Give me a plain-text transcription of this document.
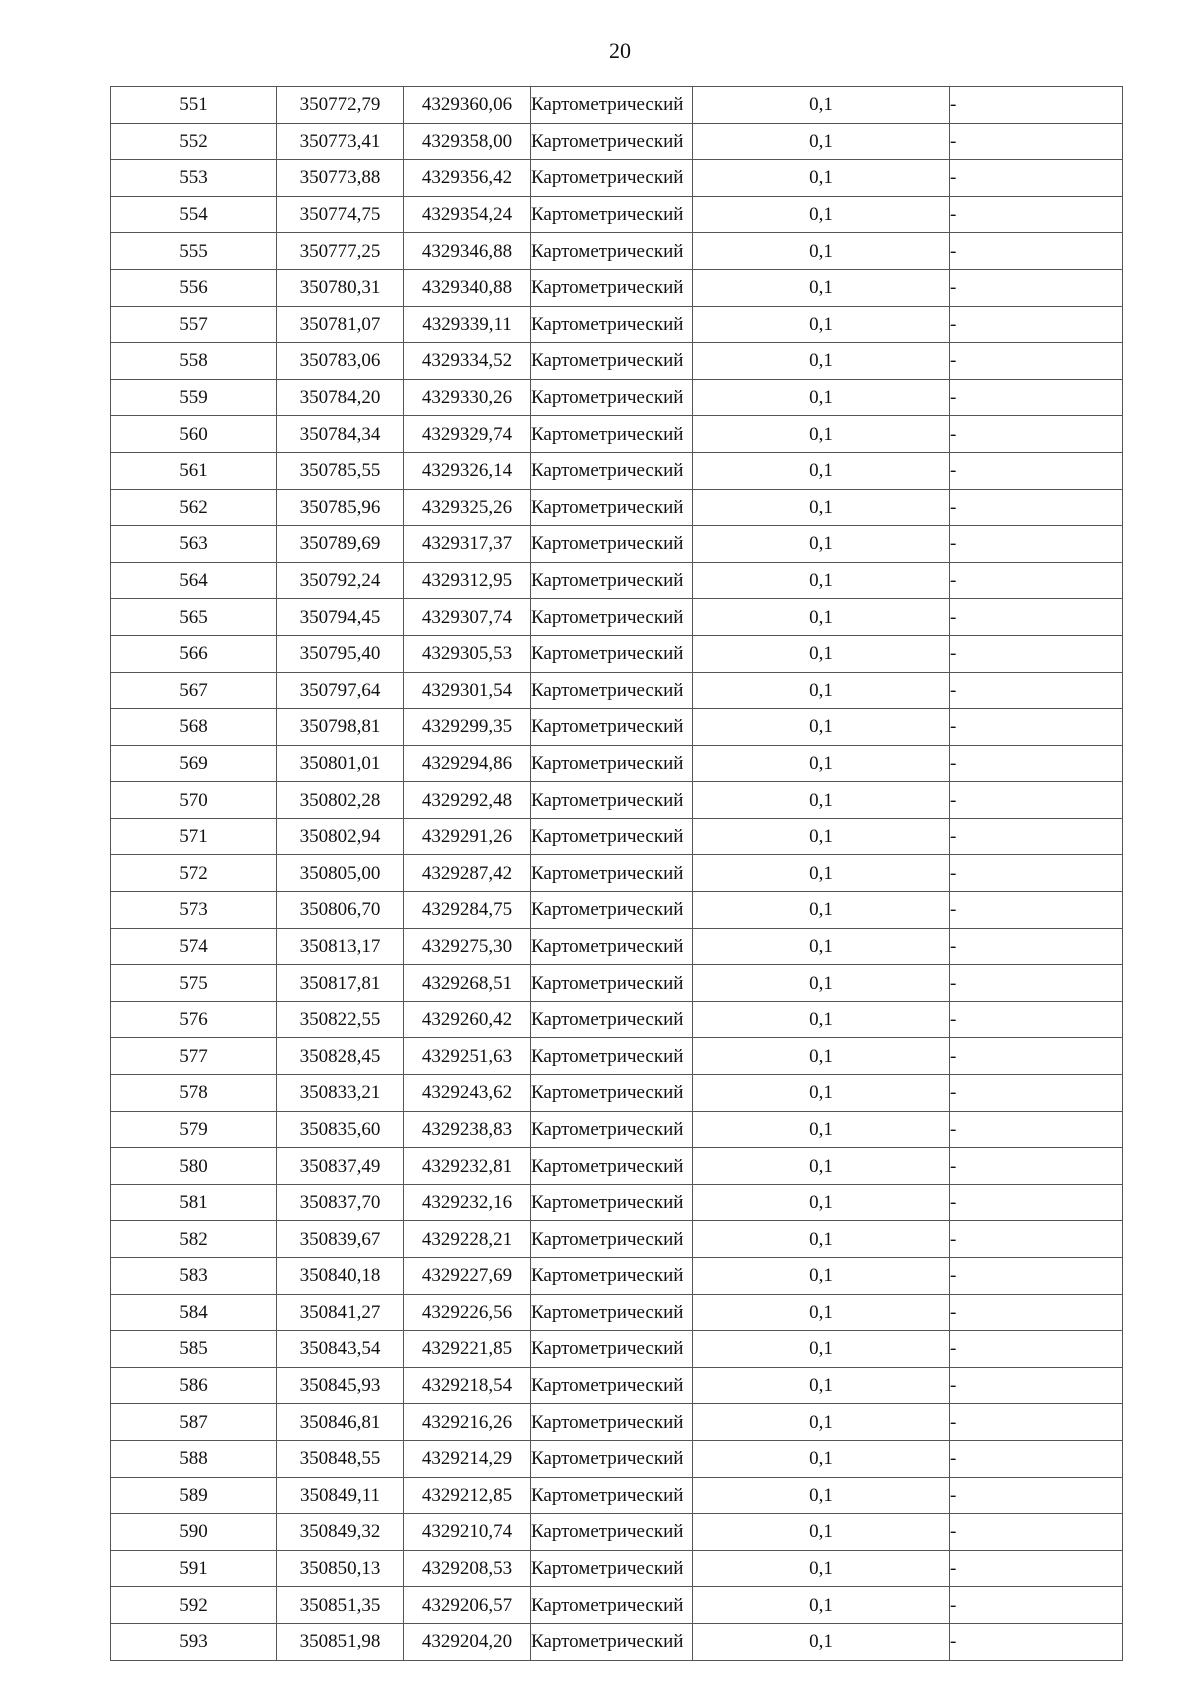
20
551	350772,79	4329360,06	Картометрический	0,1	-
552	350773,41	4329358,00	Картометрический	0,1	-
553	350773,88	4329356,42	Картометрический	0,1	-
554	350774,75	4329354,24	Картометрический	0,1	-
555	350777,25	4329346,88	Картометрический	0,1	-
556	350780,31	4329340,88	Картометрический	0,1	-
557	350781,07	4329339,11	Картометрический	0,1	-
558	350783,06	4329334,52	Картометрический	0,1	-
559	350784,20	4329330,26	Картометрический	0,1	-
560	350784,34	4329329,74	Картометрический	0,1	-
561	350785,55	4329326,14	Картометрический	0,1	-
562	350785,96	4329325,26	Картометрический	0,1	-
563	350789,69	4329317,37	Картометрический	0,1	-
564	350792,24	4329312,95	Картометрический	0,1	-
565	350794,45	4329307,74	Картометрический	0,1	-
566	350795,40	4329305,53	Картометрический	0,1	-
567	350797,64	4329301,54	Картометрический	0,1	-
568	350798,81	4329299,35	Картометрический	0,1	-
569	350801,01	4329294,86	Картометрический	0,1	-
570	350802,28	4329292,48	Картометрический	0,1	-
571	350802,94	4329291,26	Картометрический	0,1	-
572	350805,00	4329287,42	Картометрический	0,1	-
573	350806,70	4329284,75	Картометрический	0,1	-
574	350813,17	4329275,30	Картометрический	0,1	-
575	350817,81	4329268,51	Картометрический	0,1	-
576	350822,55	4329260,42	Картометрический	0,1	-
577	350828,45	4329251,63	Картометрический	0,1	-
578	350833,21	4329243,62	Картометрический	0,1	-
579	350835,60	4329238,83	Картометрический	0,1	-
580	350837,49	4329232,81	Картометрический	0,1	-
581	350837,70	4329232,16	Картометрический	0,1	-
582	350839,67	4329228,21	Картометрический	0,1	-
583	350840,18	4329227,69	Картометрический	0,1	-
584	350841,27	4329226,56	Картометрический	0,1	-
585	350843,54	4329221,85	Картометрический	0,1	-
586	350845,93	4329218,54	Картометрический	0,1	-
587	350846,81	4329216,26	Картометрический	0,1	-
588	350848,55	4329214,29	Картометрический	0,1	-
589	350849,11	4329212,85	Картометрический	0,1	-
590	350849,32	4329210,74	Картометрический	0,1	-
591	350850,13	4329208,53	Картометрический	0,1	-
592	350851,35	4329206,57	Картометрический	0,1	-
593	350851,98	4329204,20	Картометрический	0,1	-
